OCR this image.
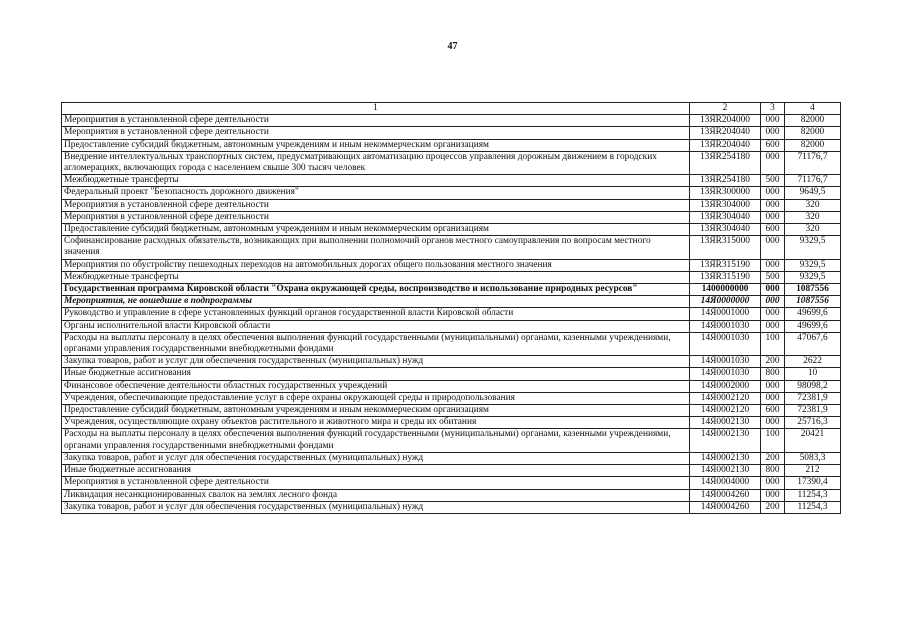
47
1	2	3	4
Мероприятия в установленной сфере деятельности	13ЯR204000	000	82000
Мероприятия в установленной сфере деятельности	13ЯR204040	000	82000
Предоставление субсидий бюджетным, автономным учреждениям и иным некоммерческим организациям	13ЯR204040	600	82000
Внедрение интеллектуальных транспортных систем, предусматривающих автоматизацию процессов управления дорожным движением в городских агломерациях, включающих города с населением свыше 300 тысяч человек	13ЯR254180	000	71176,7
Межбюджетные трансферты	13ЯR254180	500	71176,7
Федеральный проект "Безопасность дорожного движения"	13ЯR300000	000	9649,5
Мероприятия в установленной сфере деятельности	13ЯR304000	000	320
Мероприятия в установленной сфере деятельности	13ЯR304040	000	320
Предоставление субсидий бюджетным, автономным учреждениям и иным некоммерческим организациям	13ЯR304040	600	320
Софинансирование расходных обязательств, возникающих при выполнении полномочий органов местного самоуправления по вопросам местного значения	13ЯR315000	000	9329,5
Мероприятия по обустройству пешеходных переходов на автомобильных дорогах общего пользования местного значения	13ЯR315190	000	9329,5
Межбюджетные трансферты	13ЯR315190	500	9329,5
Государственная программа Кировской области "Охрана окружающей среды, воспроизводство и использование природных ресурсов"	1400000000	000	1087556
Мероприятия, не вошедшие в подпрограммы	14Я0000000	000	1087556
Руководство и управление в сфере установленных функций органов государственной власти Кировской области	14Я0001000	000	49699,6
Органы исполнительной власти Кировской области	14Я0001030	000	49699,6
Расходы на выплаты персоналу в целях обеспечения выполнения функций государственными (муниципальными) органами, казенными учреждениями, органами управления государственными внебюджетными фондами	14Я0001030	100	47067,6
Закупка товаров, работ и услуг для обеспечения государственных (муниципальных) нужд	14Я0001030	200	2622
Иные бюджетные ассигнования	14Я0001030	800	10
Финансовое обеспечение деятельности областных государственных учреждений	14Я0002000	000	98098,2
Учреждения, обеспечивающие предоставление услуг в сфере охраны окружающей среды и природопользования	14Я0002120	000	72381,9
Предоставление субсидий бюджетным, автономным учреждениям и иным некоммерческим организациям	14Я0002120	600	72381,9
Учреждения, осуществляющие охрану объектов растительного и животного мира и среды их обитания	14Я0002130	000	25716,3
Расходы на выплаты персоналу в целях обеспечения выполнения функций государственными (муниципальными) органами, казенными учреждениями, органами управления государственными внебюджетными фондами	14Я0002130	100	20421
Закупка товаров, работ и услуг для обеспечения государственных (муниципальных) нужд	14Я0002130	200	5083,3
Иные бюджетные ассигнования	14Я0002130	800	212
Мероприятия в установленной сфере деятельности	14Я0004000	000	17390,4
Ликвидация несанкционированных свалок на землях лесного фонда	14Я0004260	000	11254,3
Закупка товаров, работ и услуг для обеспечения государственных (муниципальных) нужд	14Я0004260	200	11254,3
